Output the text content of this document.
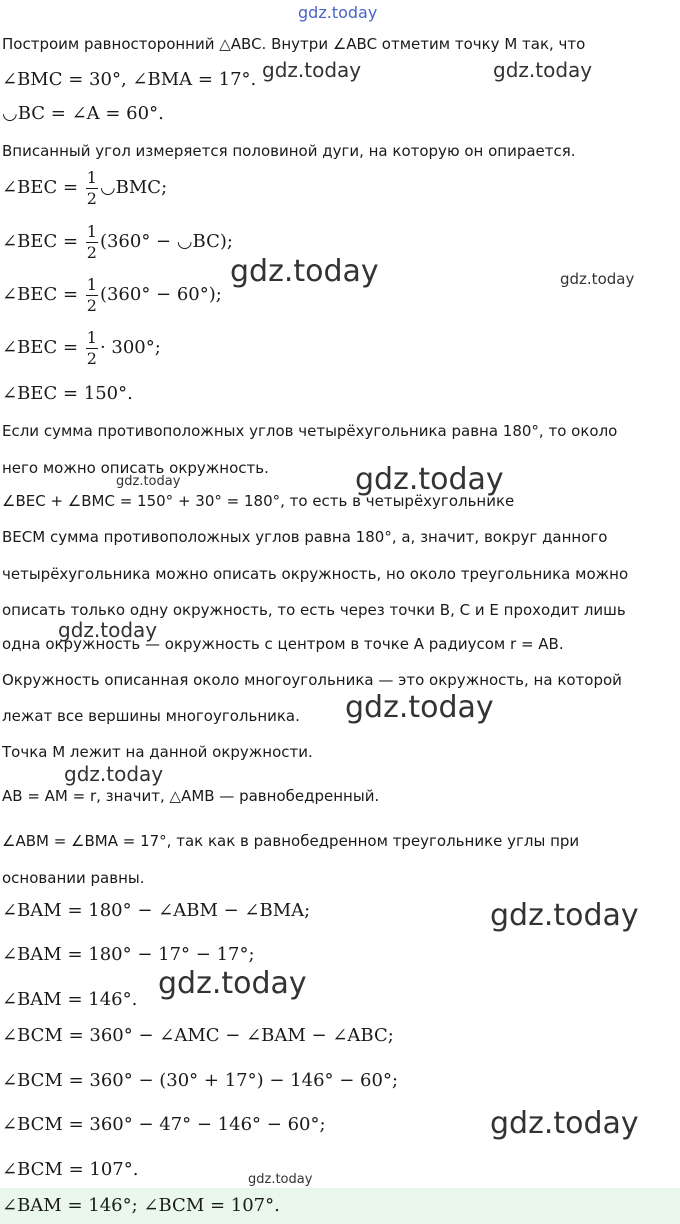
gdz.today
gdz.today	gdz.today
gdz.today	gdz.today
gdz.today
gdz.today
gdz.today
gdz.today
gdz.today
gdz.today
gdz.today
gdz.today
gdz.today
Построим равносторонний △ABC. Внутри ∠ABC отметим точку M так, что
∠BMC = 30°, ∠BMA = 17°.
◡BC = ∠A = 60°.
Вписанный угол измеряется половиной дуги, на которую он опирается.
∠BEC = $\frac{1}{2}$ ◡BMC;
∠BEC = $\frac{1}{2} (360^\circ$ − ◡BC);
∠BEC = $\frac{1}{2} (360^\circ - 60^\circ)$;
∠BEC = $\frac{1}{2} \cdot 300^\circ$;
∠BEC = 150°.
Если сумма противоположных углов четырёхугольника равна 180°, то около
него можно описать окружность.
∠BEC + ∠BMC = 150° + 30° = 180°, то есть в четырёхугольнике
BECM сумма противоположных углов равна 180°, а, значит, вокруг данного
четырёхугольника можно описать окружность, но около треугольника можно
описать только одну окружность, то есть через точки B, C и E проходит лишь
одна окружность — окружность с центром в точке A радиусом r = AB.
Окружность описанная около многоугольника — это окружность, на которой
лежат все вершины многоугольника.
Точка M лежит на данной окружности.
AB = AM = r, значит, △AMB — равнобедренный.
∠ABM = ∠BMA = 17°, так как в равнобедренном треугольнике углы при
основании равны.
∠BAM = 180° − ∠ABM − ∠BMA;
∠BAM = 180° − 17° − 17°;
∠BAM = 146°.
∠BCM = 360° − ∠AMC − ∠BAM − ∠ABC;
∠BCM = 360° − (30° + 17°) − 146° − 60°;
∠BCM = 360° − 47° − 146° − 60°;
∠BCM = 107°.
∠BAM = 146°; ∠BCM = 107°.
